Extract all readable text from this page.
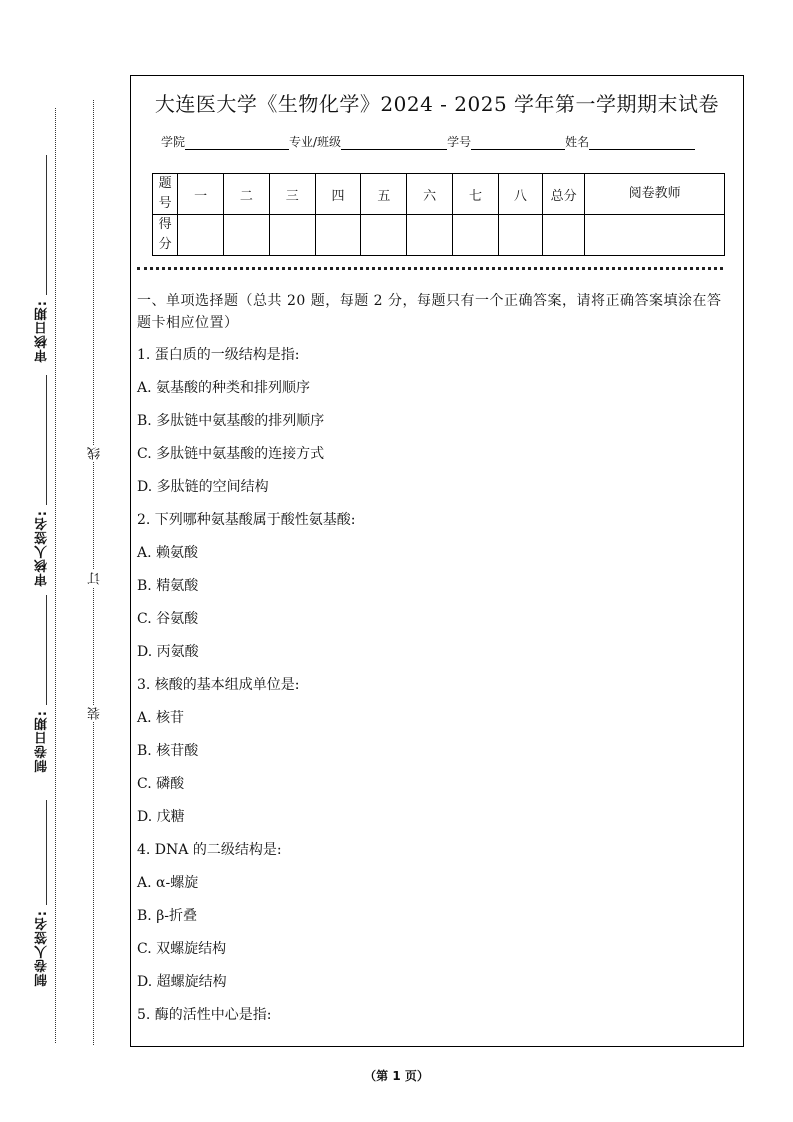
审核日期:
审核人签名:
制卷日期:
制卷人签名:
线
订
装
大连医大学《生物化学》2024 - 2025 学年第一学期期末试卷
学院	专业/班级	学号	姓名
题号	一	二	三	四	五	六	七	八	总分	阅卷教师
得分										
一、单项选择题（总共 20 题，每题 2 分，每题只有一个正确答案，请将正确答案填涂在答题卡相应位置）
1. 蛋白质的一级结构是指:
A. 氨基酸的种类和排列顺序
B. 多肽链中氨基酸的排列顺序
C. 多肽链中氨基酸的连接方式
D. 多肽链的空间结构
2. 下列哪种氨基酸属于酸性氨基酸:
A. 赖氨酸
B. 精氨酸
C. 谷氨酸
D. 丙氨酸
3. 核酸的基本组成单位是:
A. 核苷
B. 核苷酸
C. 磷酸
D. 戊糖
4. DNA 的二级结构是:
A. α-螺旋
B. β-折叠
C. 双螺旋结构
D. 超螺旋结构
5. 酶的活性中心是指:
（第 1 页）
